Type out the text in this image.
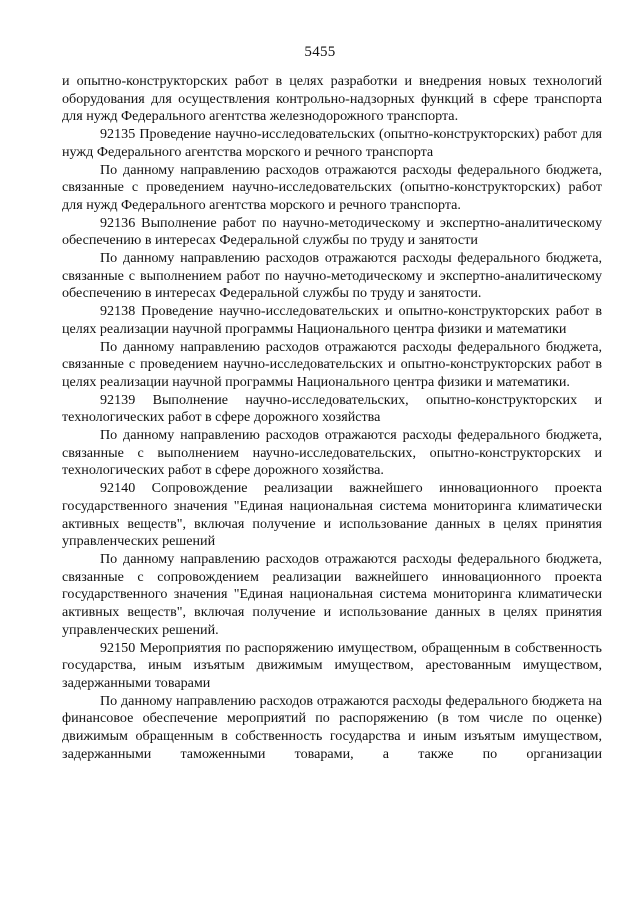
5455

и опытно-конструкторских работ в целях разработки и внедрения новых технологий оборудования для осуществления контрольно-надзорных функций в сфере транспорта для нужд Федерального агентства железнодорожного транспорта.

92135 Проведение научно-исследовательских (опытно-конструкторских) работ для нужд Федерального агентства морского и речного транспорта

По данному направлению расходов отражаются расходы федерального бюджета, связанные с проведением научно-исследовательских (опытно-конструкторских) работ для нужд Федерального агентства морского и речного транспорта.

92136 Выполнение работ по научно-методическому и экспертно-аналитическому обеспечению в интересах Федеральной службы по труду и занятости

По данному направлению расходов отражаются расходы федерального бюджета, связанные с выполнением работ по научно-методическому и экспертно-аналитическому обеспечению в интересах Федеральной службы по труду и занятости.

92138 Проведение научно-исследовательских и опытно-конструкторских работ в целях реализации научной программы Национального центра физики и математики

По данному направлению расходов отражаются расходы федерального бюджета, связанные с проведением научно-исследовательских и опытно-конструкторских работ в целях реализации научной программы Национального центра физики и математики.

92139 Выполнение научно-исследовательских, опытно-конструкторских и технологических работ в сфере дорожного хозяйства

По данному направлению расходов отражаются расходы федерального бюджета, связанные с выполнением научно-исследовательских, опытно-конструкторских и технологических работ в сфере дорожного хозяйства.

92140 Сопровождение реализации важнейшего инновационного проекта государственного значения "Единая национальная система мониторинга климатически активных веществ", включая получение и использование данных в целях принятия управленческих решений

По данному направлению расходов отражаются расходы федерального бюджета, связанные с сопровождением реализации важнейшего инновационного проекта государственного значения "Единая национальная система мониторинга климатически активных веществ", включая получение и использование данных в целях принятия управленческих решений.

92150 Мероприятия по распоряжению имуществом, обращенным в собственность государства, иным изъятым движимым имуществом, арестованным имуществом, задержанными товарами

По данному направлению расходов отражаются расходы федерального бюджета на финансовое обеспечение мероприятий по распоряжению (в том числе по оценке) движимым обращенным в собственность государства и иным изъятым имуществом, задержанными таможенными товарами, а также по организации
